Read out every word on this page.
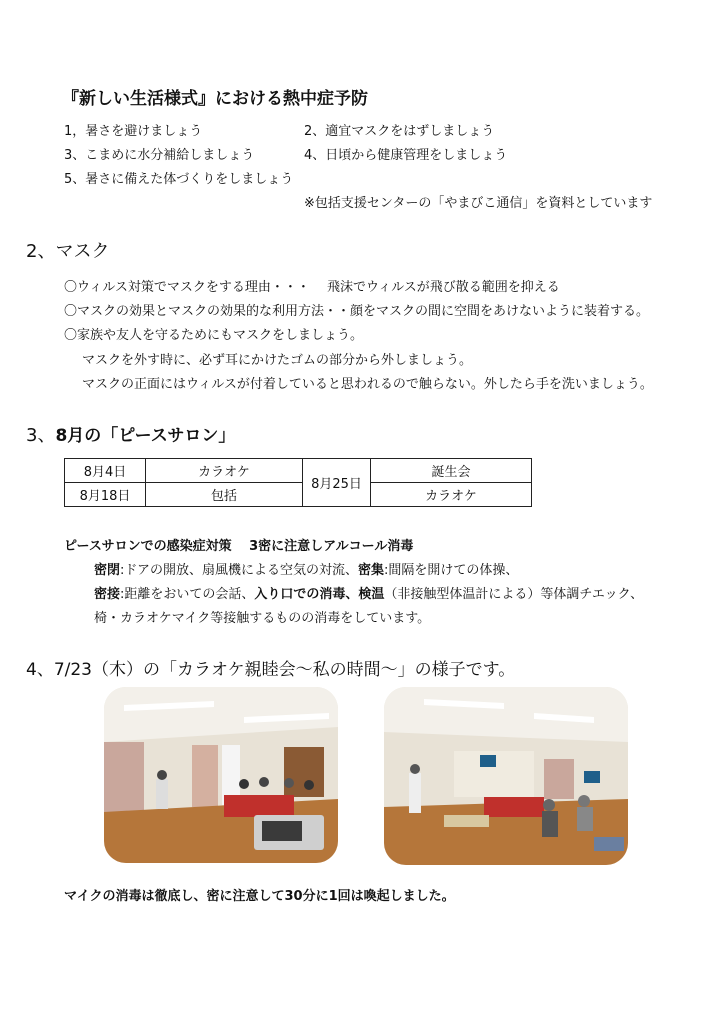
『新しい生活様式』における熱中症予防
1，暑さを避けましょう	2、適宜マスクをはずしましょう
3、こまめに水分補給しましょう	4、日頃から健康管理をしましょう
5、暑さに備えた体づくりをしましょう
※包括支援センターの「やまびこ通信」を資料としています
2、マスク
〇ウィルス対策でマスクをする理由・・・　 飛沫でウィルスが飛び散る範囲を抑える
〇マスクの効果とマスクの効果的な利用方法・・顔をマスクの間に空間をあけないように装着する。
〇家族や友人を守るためにもマスクをしましょう。
マスクを外す時に、必ず耳にかけたゴムの部分から外しましょう。
マスクの正面にはウィルスが付着していると思われるので触らない。外したら手を洗いましょう。
3、8月の「ピースサロン」
8月4日	カラオケ	8月25日	誕生会
8月18日	包括		カラオケ
ピースサロンでの感染症対策　 3密に注意しアルコール消毒
密閉:ドアの開放、扇風機による空気の対流、密集:間隔を開けての体操、
密接:距離をおいての会話、入り口での消毒、検温（非接触型体温計による）等体調チエック、
椅・カラオケマイク等接触するものの消毒をしています。
4、7/23（木）の「カラオケ親睦会～私の時間～」の様子です。
マイクの消毒は徹底し、密に注意して30分に1回は喚起しました。
